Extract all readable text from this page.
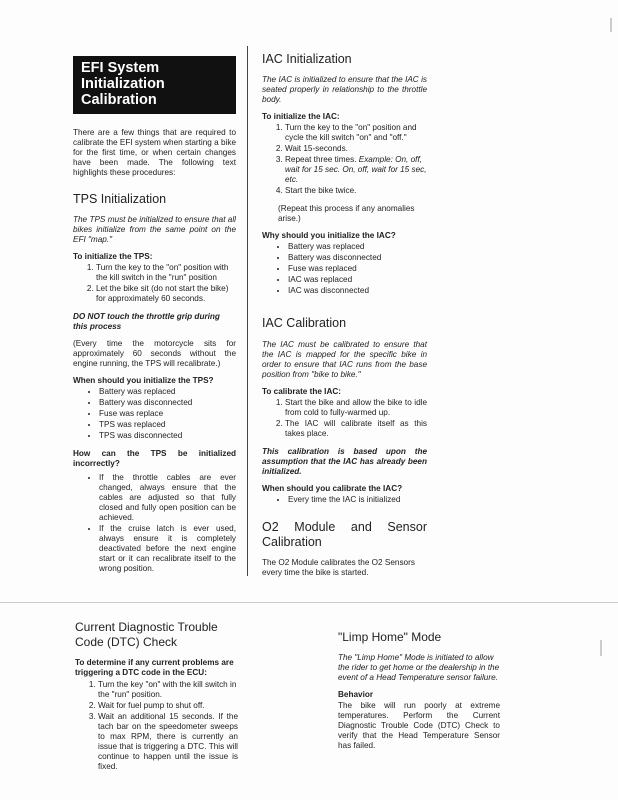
EFI System Initialization Calibration
There are a few things that are required to calibrate the EFI system when starting a bike for the first time, or when certain changes have been made. The following text highlights these procedures:
TPS Initialization
The TPS must be initialized to ensure that all bikes initialize from the same point on the EFI "map."
To initialize the TPS:
1. Turn the key to the "on" position with the kill switch in the "run" position
2. Let the bike sit (do not start the bike) for approximately 60 seconds.
DO NOT touch the throttle grip during this process
(Every time the motorcycle sits for approximately 60 seconds without the engine running, the TPS will recalibrate.)
When should you initialize the TPS?
• Battery was replaced
• Battery was disconnected
• Fuse was replace
• TPS was replaced
• TPS was disconnected
How can the TPS be initialized incorrectly?
• If the throttle cables are ever changed, always ensure that the cables are adjusted so that fully closed and fully open position can be achieved.
• If the cruise latch is ever used, always ensure it is completely deactivated before the next engine start or it can recalibrate itself to the wrong position.
IAC Initialization
The IAC is initialized to ensure that the IAC is seated properly in relationship to the throttle body.
To initialize the IAC:
1. Turn the key to the "on" position and cycle the kill switch "on" and "off."
2. Wait 15-seconds.
3. Repeat three times. Example: On, off, wait for 15 sec. On, off, wait for 15 sec, etc.
4. Start the bike twice.
(Repeat this process if any anomalies arise.)
Why should you initialize the IAC?
• Battery was replaced
• Battery was disconnected
• Fuse was replaced
• IAC was replaced
• IAC was disconnected
IAC Calibration
The IAC must be calibrated to ensure that the IAC is mapped for the specific bike in order to ensure that IAC runs from the base position from "bike to bike."
To calibrate the IAC:
1. Start the bike and allow the bike to idle from cold to fully-warmed up.
2. The IAC will calibrate itself as this takes place.
This calibration is based upon the assumption that the IAC has already been initialized.
When should you calibrate the IAC?
• Every time the IAC is initialized
O2 Module and Sensor Calibration
The O2 Module calibrates the O2 Sensors every time the bike is started.
Current Diagnostic Trouble Code (DTC) Check
To determine if any current problems are triggering a DTC code in the ECU:
1. Turn the key "on" with the kill switch in the "run" position.
2. Wait for fuel pump to shut off.
3. Wait an additional 15 seconds. If the tach bar on the speedometer sweeps to max RPM, there is currently an issue that is triggering a DTC. This will continue to happen until the issue is fixed.
"Limp Home" Mode
The "Limp Home" Mode is initiated to allow the rider to get home or the dealership in the event of a Head Temperature sensor failure.
Behavior
The bike will run poorly at extreme temperatures. Perform the Current Diagnostic Trouble Code (DTC) Check to verify that the Head Temperature Sensor has failed.
